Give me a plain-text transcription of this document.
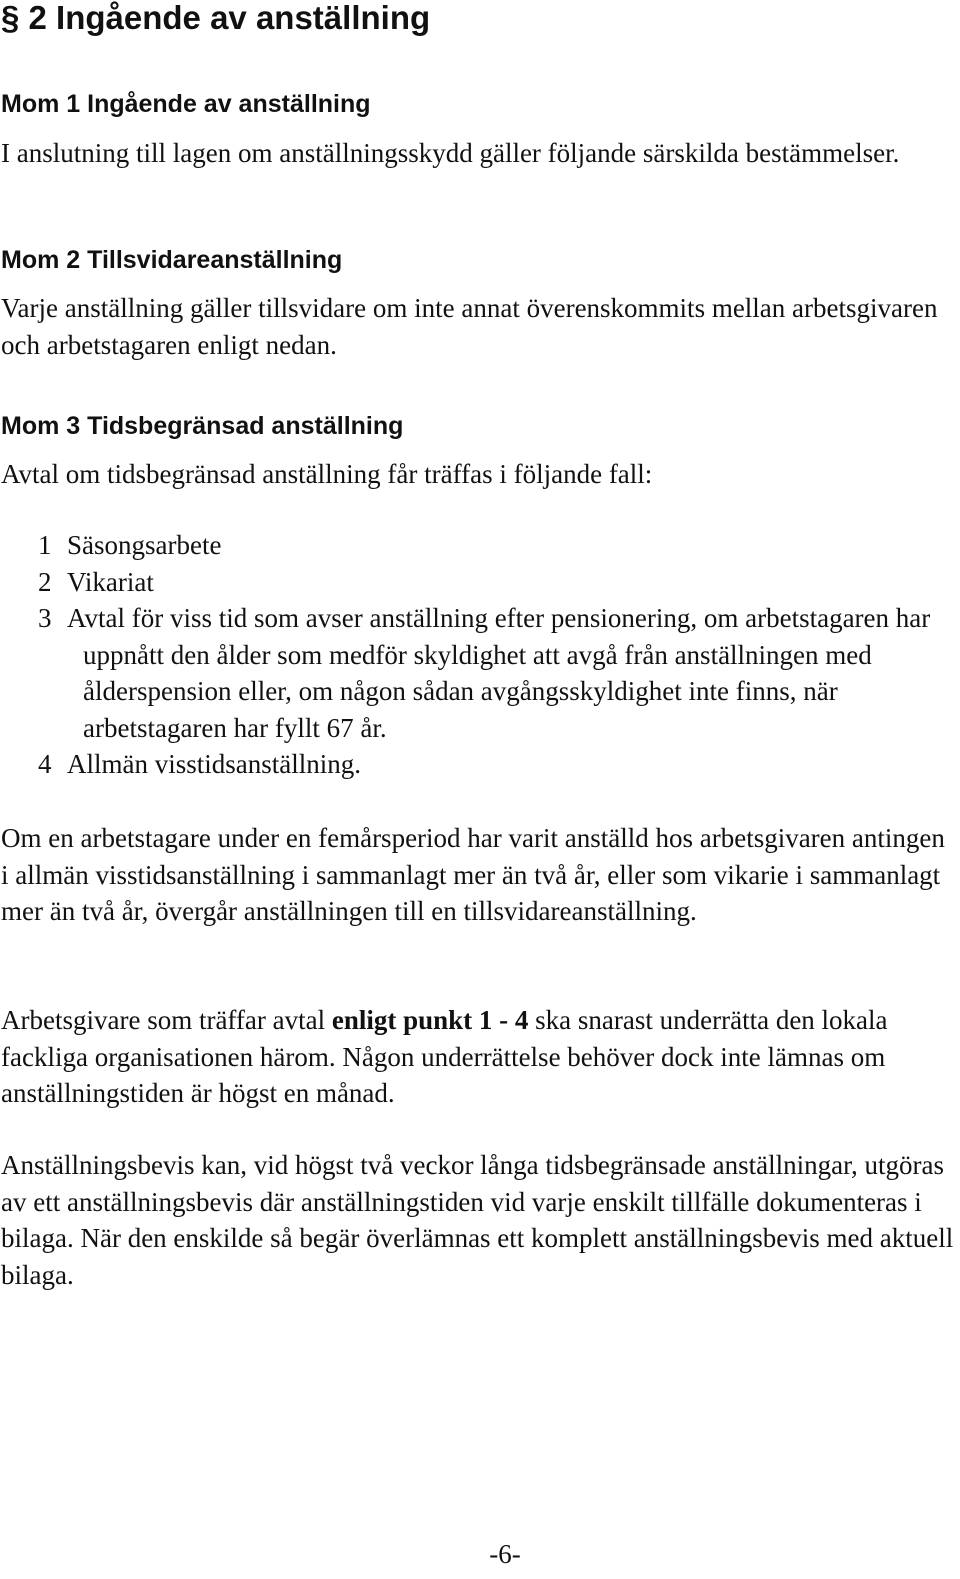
§ 2 Ingående av anställning
Mom 1 Ingående av anställning

I anslutning till lagen om anställningsskydd gäller följande särskilda bestämmelser.

Mom 2 Tillsvidareanställning

Varje anställning gäller tillsvidare om inte annat överenskommits mellan arbetsgivaren och arbetstagaren enligt nedan.

Mom 3 Tidsbegränsad anställning

Avtal om tidsbegränsad anställning får träffas i följande fall:

1 Säsongsarbete
2 Vikariat
3 Avtal för viss tid som avser anställning efter pensionering, om arbetstagaren har uppnått den ålder som medför skyldighet att avgå från anställningen med ålderspension eller, om någon sådan avgångsskyldighet inte finns, när arbetstagaren har fyllt 67 år.
4 Allmän visstidsanställning.

Om en arbetstagare under en femårsperiod har varit anställd hos arbetsgivaren antingen i allmän visstidsanställning i sammanlagt mer än två år, eller som vikarie i sammanlagt mer än två år, övergår anställningen till en tillsvidareanställning.

Arbetsgivare som träffar avtal enligt punkt 1 - 4 ska snarast underrätta den lokala fackliga organisationen härom. Någon underrättelse behöver dock inte lämnas om anställningstiden är högst en månad.

Anställningsbevis kan, vid högst två veckor långa tidsbegränsade anställningar, utgöras av ett anställningsbevis där anställningstiden vid varje enskilt tillfälle dokumenteras i bilaga. När den enskilde så begär överlämnas ett komplett anställningsbevis med aktuell bilaga.

-6-
